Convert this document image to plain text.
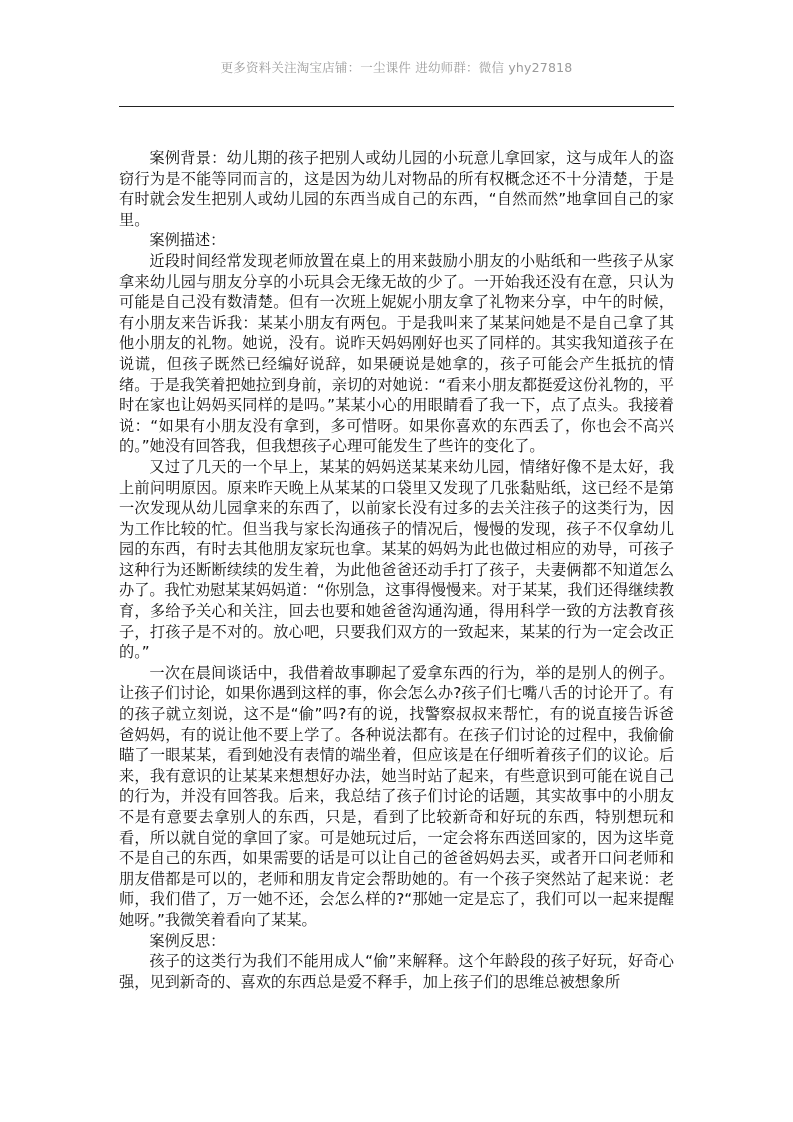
更多资料关注淘宝店铺：一尘课件 进幼师群：微信 yhy27818

案例背景：幼儿期的孩子把别人或幼儿园的小玩意儿拿回家，这与成年人的盗窃行为是不能等同而言的，这是因为幼儿对物品的所有权概念还不十分清楚，于是有时就会发生把别人或幼儿园的东西当成自己的东西，“自然而然”地拿回自己的家里。

案例描述：

近段时间经常发现老师放置在桌上的用来鼓励小朋友的小贴纸和一些孩子从家拿来幼儿园与朋友分享的小玩具会无缘无故的少了。一开始我还没有在意，只认为可能是自己没有数清楚。但有一次班上妮妮小朋友拿了礼物来分享，中午的时候，有小朋友来告诉我：某某小朋友有两包。于是我叫来了某某问她是不是自己拿了其他小朋友的礼物。她说，没有。说昨天妈妈刚好也买了同样的。其实我知道孩子在说谎，但孩子既然已经编好说辞，如果硬说是她拿的，孩子可能会产生抵抗的情绪。于是我笑着把她拉到身前，亲切的对她说：“看来小朋友都挺爱这份礼物的，平时在家也让妈妈买同样的是吗。”某某小心的用眼睛看了我一下，点了点头。我接着说：“如果有小朋友没有拿到，多可惜呀。如果你喜欢的东西丢了，你也会不高兴的。”她没有回答我，但我想孩子心理可能发生了些许的变化了。

又过了几天的一个早上，某某的妈妈送某某来幼儿园，情绪好像不是太好，我上前问明原因。原来昨天晚上从某某的口袋里又发现了几张黏贴纸，这已经不是第一次发现从幼儿园拿来的东西了，以前家长没有过多的去关注孩子的这类行为，因为工作比较的忙。但当我与家长沟通孩子的情况后，慢慢的发现，孩子不仅拿幼儿园的东西，有时去其他朋友家玩也拿。某某的妈妈为此也做过相应的劝导，可孩子这种行为还断断续续的发生着，为此他爸爸还动手打了孩子，夫妻俩都不知道怎么办了。我忙劝慰某某妈妈道：“你别急，这事得慢慢来。对于某某，我们还得继续教育，多给予关心和关注，回去也要和她爸爸沟通沟通，得用科学一致的方法教育孩子，打孩子是不对的。放心吧，只要我们双方的一致起来，某某的行为一定会改正的。”

一次在晨间谈话中，我借着故事聊起了爱拿东西的行为，举的是别人的例子。让孩子们讨论，如果你遇到这样的事，你会怎么办?孩子们七嘴八舌的讨论开了。有的孩子就立刻说，这不是“偷”吗?有的说，找警察叔叔来帮忙，有的说直接告诉爸爸妈妈，有的说让他不要上学了。各种说法都有。在孩子们讨论的过程中，我偷偷瞄了一眼某某，看到她没有表情的端坐着，但应该是在仔细听着孩子们的议论。后来，我有意识的让某某来想想好办法，她当时站了起来，有些意识到可能在说自己的行为，并没有回答我。后来，我总结了孩子们讨论的话题，其实故事中的小朋友不是有意要去拿别人的东西，只是，看到了比较新奇和好玩的东西，特别想玩和看，所以就自觉的拿回了家。可是她玩过后，一定会将东西送回家的，因为这毕竟不是自己的东西，如果需要的话是可以让自己的爸爸妈妈去买，或者开口问老师和朋友借都是可以的，老师和朋友肯定会帮助她的。有一个孩子突然站了起来说：老师，我们借了，万一她不还，会怎么样的?“那她一定是忘了，我们可以一起来提醒她呀。”我微笑着看向了某某。

案例反思：

孩子的这类行为我们不能用成人“偷”来解释。这个年龄段的孩子好玩，好奇心强，见到新奇的、喜欢的东西总是爱不释手，加上孩子们的思维总被想象所
